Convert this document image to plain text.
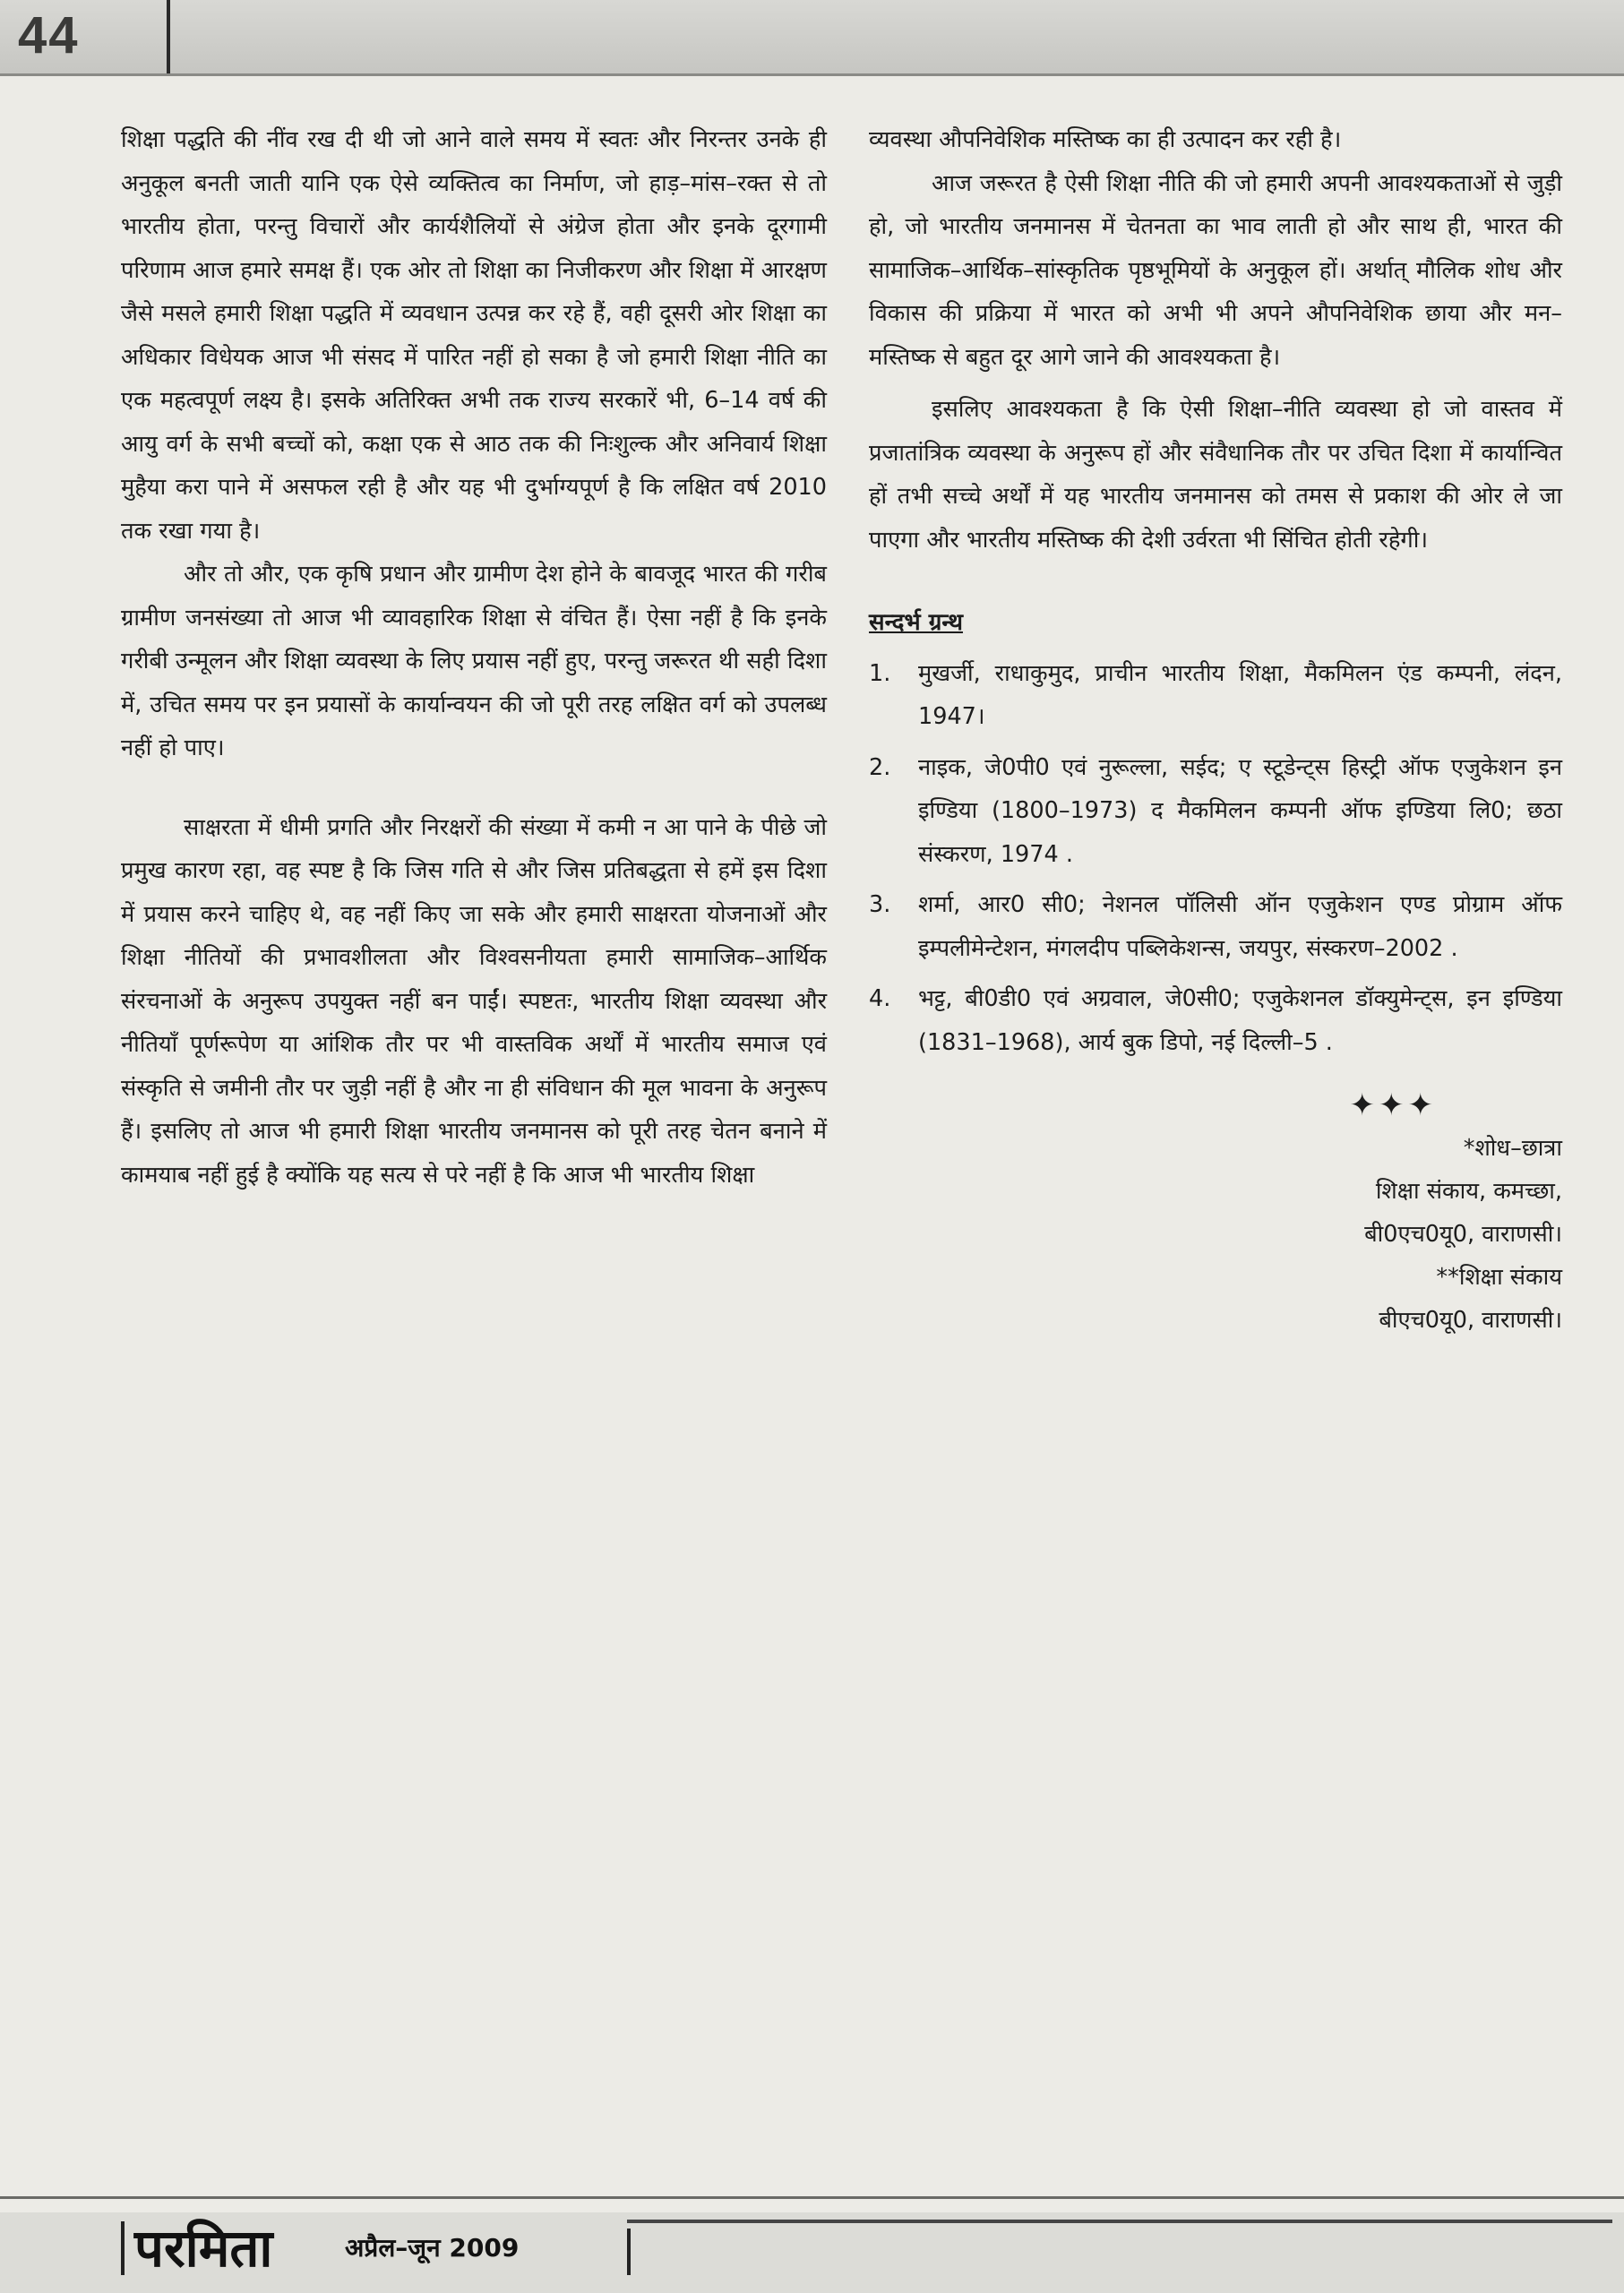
44

शिक्षा पद्धति की नींव रख दी थी जो आने वाले समय में स्वतः और निरन्तर उनके ही अनुकूल बनती जाती यानि एक ऐसे व्यक्तित्व का निर्माण, जो हाड़–मांस–रक्त से तो भारतीय होता, परन्तु विचारों और कार्यशैलियों से अंग्रेज होता और इनके दूरगामी परिणाम आज हमारे समक्ष हैं। एक ओर तो शिक्षा का निजीकरण और शिक्षा में आरक्षण जैसे मसले हमारी शिक्षा पद्धति में व्यवधान उत्पन्न कर रहे हैं, वही दूसरी ओर शिक्षा का अधिकार विधेयक आज भी संसद में पारित नहीं हो सका है जो हमारी शिक्षा नीति का एक महत्वपूर्ण लक्ष्य है। इसके अतिरिक्त अभी तक राज्य सरकारें भी, 6–14 वर्ष की आयु वर्ग के सभी बच्चों को, कक्षा एक से आठ तक की निःशुल्क और अनिवार्य शिक्षा मुहैया करा पाने में असफल रही है और यह भी दुर्भाग्यपूर्ण है कि लक्षित वर्ष 2010 तक रखा गया है।

और तो और, एक कृषि प्रधान और ग्रामीण देश होने के बावजूद भारत की गरीब ग्रामीण जनसंख्या तो आज भी व्यावहारिक शिक्षा से वंचित हैं। ऐसा नहीं है कि इनके गरीबी उन्मूलन और शिक्षा व्यवस्था के लिए प्रयास नहीं हुए, परन्तु जरूरत थी सही दिशा में, उचित समय पर इन प्रयासों के कार्यान्वयन की जो पूरी तरह लक्षित वर्ग को उपलब्ध नहीं हो पाए।

साक्षरता में धीमी प्रगति और निरक्षरों की संख्या में कमी न आ पाने के पीछे जो प्रमुख कारण रहा, वह स्पष्ट है कि जिस गति से और जिस प्रतिबद्धता से हमें इस दिशा में प्रयास करने चाहिए थे, वह नहीं किए जा सके और हमारी साक्षरता योजनाओं और शिक्षा नीतियों की प्रभावशीलता और विश्वसनीयता हमारी सामाजिक–आर्थिक संरचनाओं के अनुरूप उपयुक्त नहीं बन पाईं। स्पष्टतः, भारतीय शिक्षा व्यवस्था और नीतियाँ पूर्णरूपेण या आंशिक तौर पर भी वास्तविक अर्थों में भारतीय समाज एवं संस्कृति से जमीनी तौर पर जुड़ी नहीं है और ना ही संविधान की मूल भावना के अनुरूप हैं। इसलिए तो आज भी हमारी शिक्षा भारतीय जनमानस को पूरी तरह चेतन बनाने में कामयाब नहीं हुई है क्योंकि यह सत्य से परे नहीं है कि आज भी भारतीय शिक्षा

व्यवस्था औपनिवेशिक मस्तिष्क का ही उत्पादन कर रही है।

आज जरूरत है ऐसी शिक्षा नीति की जो हमारी अपनी आवश्यकताओं से जुड़ी हो, जो भारतीय जनमानस में चेतनता का भाव लाती हो और साथ ही, भारत की सामाजिक–आर्थिक–सांस्कृतिक पृष्ठभूमियों के अनुकूल हों। अर्थात् मौलिक शोध और विकास की प्रक्रिया में भारत को अभी भी अपने औपनिवेशिक छाया और मन–मस्तिष्क से बहुत दूर आगे जाने की आवश्यकता है।

इसलिए आवश्यकता है कि ऐसी शिक्षा–नीति व्यवस्था हो जो वास्तव में प्रजातांत्रिक व्यवस्था के अनुरूप हों और संवैधानिक तौर पर उचित दिशा में कार्यान्वित हों तभी सच्चे अर्थों में यह भारतीय जनमानस को तमस से प्रकाश की ओर ले जा पाएगा और भारतीय मस्तिष्क की देशी उर्वरता भी सिंचित होती रहेगी।

सन्दर्भ ग्रन्थ

1.	मुखर्जी, राधाकुमुद, प्राचीन भारतीय शिक्षा, मैकमिलन एंड कम्पनी, लंदन, 1947।
2.	नाइक, जे0पी0 एवं नुरूल्ला, सईद; ए स्टूडेन्ट्स हिस्ट्री ऑफ एजुकेशन इन इण्डिया (1800–1973) द मैकमिलन कम्पनी ऑफ इण्डिया लि0; छठा संस्करण, 1974 .
3.	शर्मा, आर0 सी0; नेशनल पॉलिसी ऑन एजुकेशन एण्ड प्रोग्राम ऑफ इम्पलीमेन्टेशन, मंगलदीप पब्लिकेशन्स, जयपुर, संस्करण–2002 .
4.	भट्ट, बी0डी0 एवं अग्रवाल, जे0सी0; एजुकेशनल डॉक्युमेन्ट्स, इन इण्डिया (1831–1968), आर्य बुक डिपो, नई दिल्ली–5 .
✦✦✦
*शोध–छात्रा
शिक्षा संकाय, कमच्छा,
बी0एच0यू0, वाराणसी।
**शिक्षा संकाय
बीएच0यू0, वाराणसी।
परमिता	अप्रैल–जून 2009
